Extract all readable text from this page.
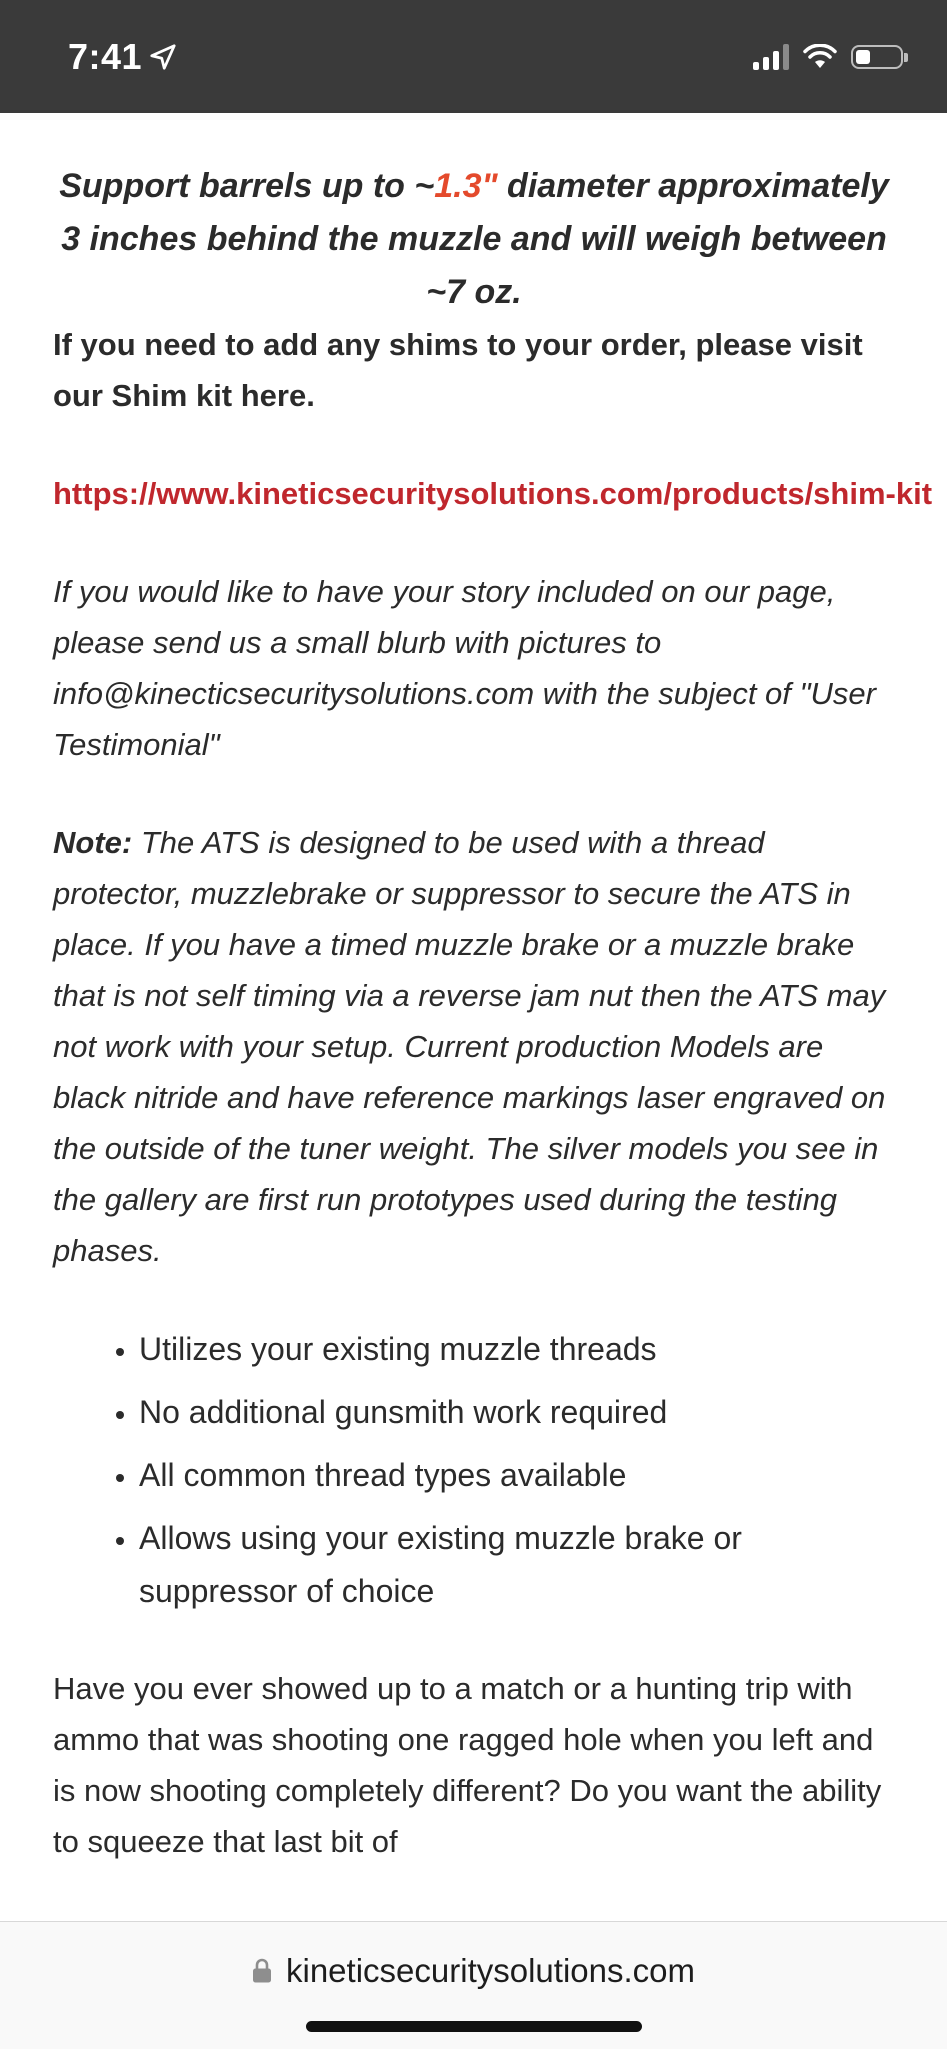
7:41

Support barrels up to ~1.3" diameter approximately 3 inches behind the muzzle and will weigh between ~7 oz.

If you need to add any shims to your order, please visit our Shim kit here.

https://www.kineticsecuritysolutions.com/products/shim-kit
If you would like to have your story included on our page, please send us a small blurb with pictures to info@kinecticsecuritysolutions.com with the subject of "User Testimonial"
Note: The ATS is designed to be used with a thread protector, muzzlebrake or suppressor to secure the ATS in place. If you have a timed muzzle brake or a muzzle brake that is not self timing via a reverse jam nut then the ATS may not work with your setup. Current production Models are black nitride and have reference markings laser engraved on the outside of the tuner weight. The silver models you see in the gallery are first run prototypes used during the testing phases.
• Utilizes your existing muzzle threads
• No additional gunsmith work required
• All common thread types available
• Allows using your existing muzzle brake or suppressor of choice
Have you ever showed up to a match or a hunting trip with ammo that was shooting one ragged hole when you left and is now shooting completely different? Do you want the ability to squeeze that last bit of
kineticsecuritysolutions.com
